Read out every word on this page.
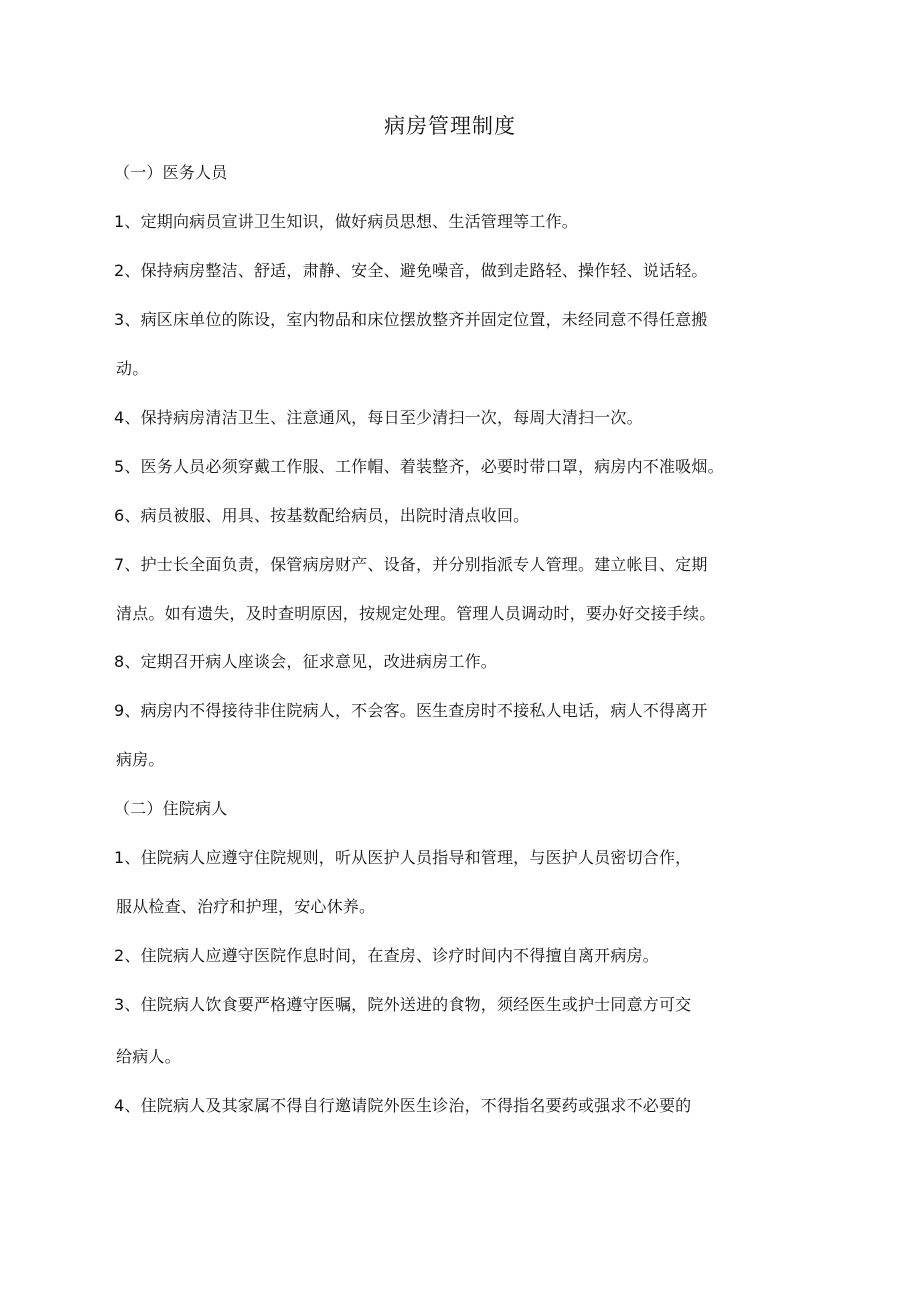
病房管理制度
（一）医务人员
1、定期向病员宣讲卫生知识，做好病员思想、生活管理等工作。
2、保持病房整洁、舒适，肃静、安全、避免噪音，做到走路轻、操作轻、说话轻。
3、病区床单位的陈设，室内物品和床位摆放整齐并固定位置，未经同意不得任意搬
动。
4、保持病房清洁卫生、注意通风，每日至少清扫一次，每周大清扫一次。
5、医务人员必须穿戴工作服、工作帽、着装整齐，必要时带口罩，病房内不准吸烟。
6、病员被服、用具、按基数配给病员，出院时清点收回。
7、护士长全面负责，保管病房财产、设备，并分别指派专人管理。建立帐目、定期
清点。如有遗失，及时查明原因，按规定处理。管理人员调动时，要办好交接手续。
8、定期召开病人座谈会，征求意见，改进病房工作。
9、病房内不得接待非住院病人，不会客。医生查房时不接私人电话，病人不得离开
病房。
（二）住院病人
1、住院病人应遵守住院规则，听从医护人员指导和管理，与医护人员密切合作，
服从检查、治疗和护理，安心休养。
2、住院病人应遵守医院作息时间，在查房、诊疗时间内不得擅自离开病房。
3、住院病人饮食要严格遵守医嘱，院外送进的食物，须经医生或护士同意方可交
给病人。
4、住院病人及其家属不得自行邀请院外医生诊治，不得指名要药或强求不必要的
